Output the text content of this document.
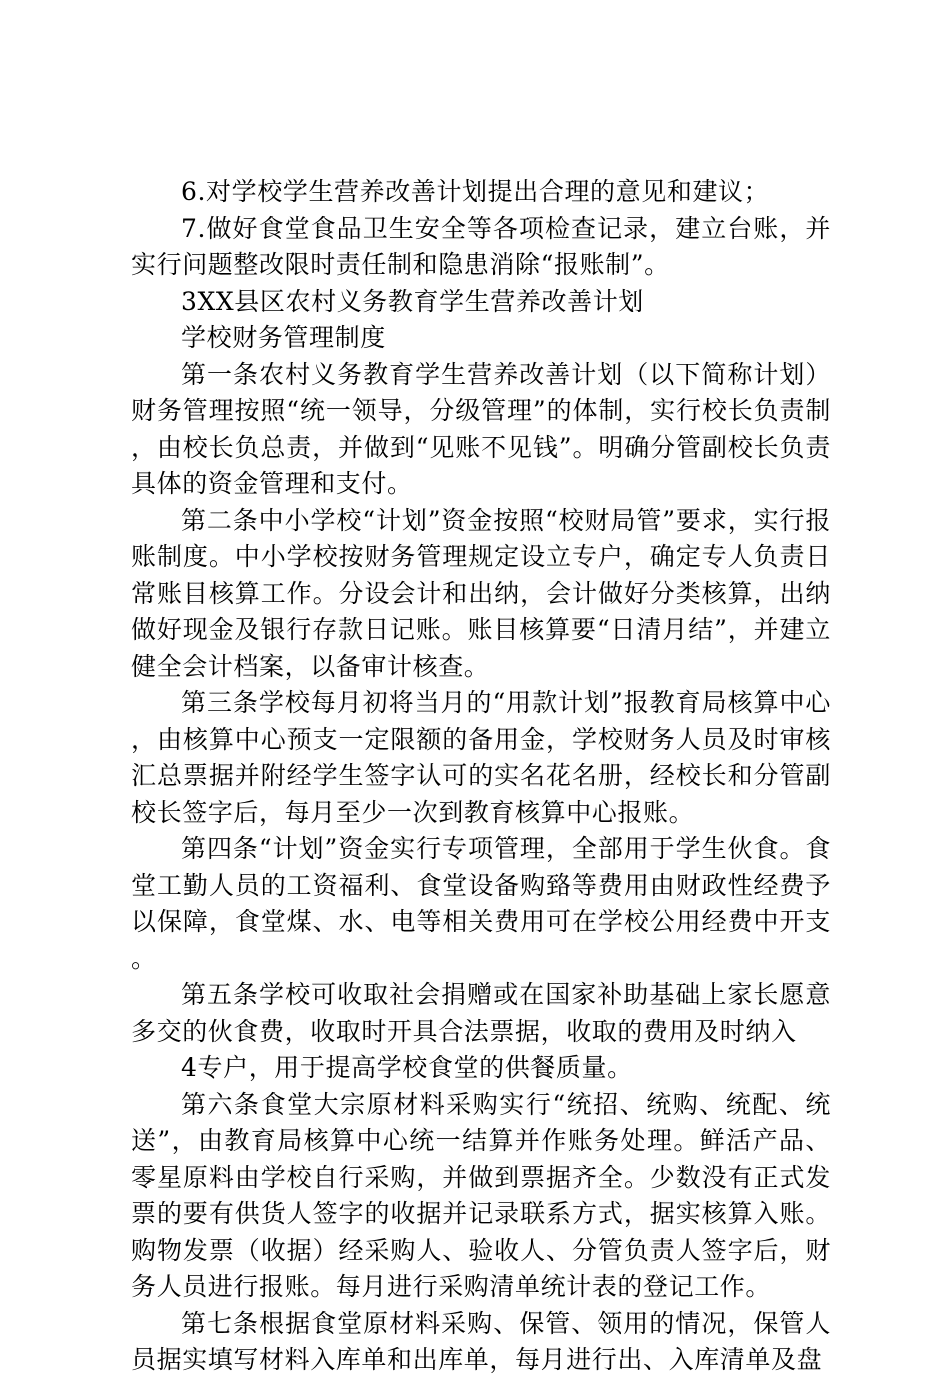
6.对学校学生营养改善计划提出合理的意见和建议；

7.做好食堂食品卫生安全等各项检查记录，建立台账，并实行问题整改限时责任制和隐患消除“报账制”。

3XX县区农村义务教育学生营养改善计划

学校财务管理制度

第一条农村义务教育学生营养改善计划（以下简称计划）财务管理按照“统一领导，分级管理”的体制，实行校长负责制，由校长负总责，并做到“见账不见钱”。明确分管副校长负责具体的资金管理和支付。

第二条中小学校“计划”资金按照“校财局管”要求，实行报账制度。中小学校按财务管理规定设立专户，确定专人负责日常账目核算工作。分设会计和出纳，会计做好分类核算，出纳做好现金及银行存款日记账。账目核算要“日清月结”，并建立健全会计档案，以备审计核查。

第三条学校每月初将当月的“用款计划”报教育局核算中心，由核算中心预支一定限额的备用金，学校财务人员及时审核汇总票据并附经学生签字认可的实名花名册，经校长和分管副校长签字后，每月至少一次到教育核算中心报账。

第四条“计划”资金实行专项管理，全部用于学生伙食。食堂工勤人员的工资福利、食堂设备购臵等费用由财政性经费予以保障，食堂煤、水、电等相关费用可在学校公用经费中开支。

第五条学校可收取社会捐赠或在国家补助基础上家长愿意多交的伙食费，收取时开具合法票据，收取的费用及时纳入

4专户，用于提高学校食堂的供餐质量。

第六条食堂大宗原材料采购实行“统招、统购、统配、统送”，由教育局核算中心统一结算并作账务处理。鲜活产品、零星原料由学校自行采购，并做到票据齐全。少数没有正式发票的要有供货人签字的收据并记录联系方式，据实核算入账。购物发票（收据）经采购人、验收人、分管负责人签字后，财务人员进行报账。每月进行采购清单统计表的登记工作。

第七条根据食堂原材料采购、保管、领用的情况，保管人员据实填写材料入库单和出库单，每月进行出、入库清单及盘
